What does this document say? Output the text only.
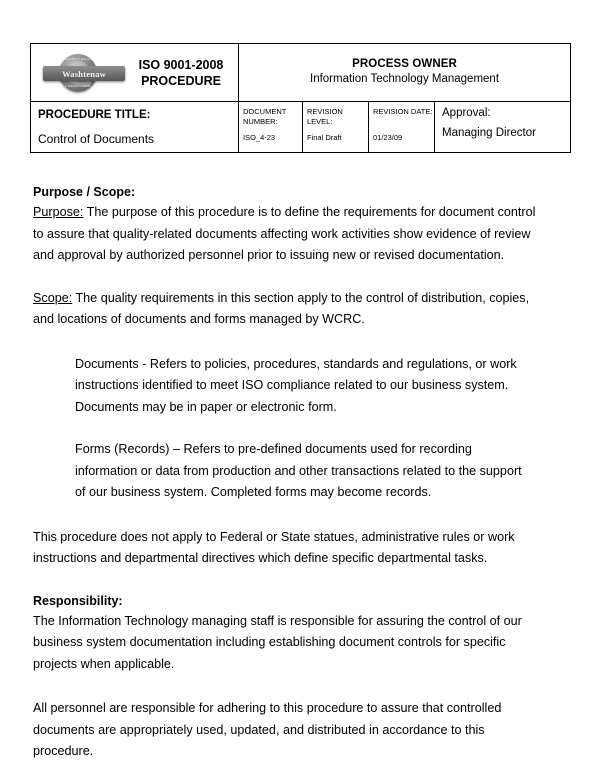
COUNTY ROAD
COMMISSION
Washtenaw
ISO 9001-2008
PROCEDURE

PROCESS OWNER
Information Technology Management

PROCEDURE TITLE:
Control of Documents

DOCUMENT NUMBER:
ISO_4-23

REVISION LEVEL:
Final Draft

REVISION DATE:
01/23/09

Approval:
Managing Director
Purpose / Scope:

Purpose: The purpose of this procedure is to define the requirements for document control to assure that quality-related documents affecting work activities show evidence of review and approval by authorized personnel prior to issuing new or revised documentation.

Scope: The quality requirements in this section apply to the control of distribution, copies, and locations of documents and forms managed by WCRC.

Documents - Refers to policies, procedures, standards and regulations, or work instructions identified to meet ISO compliance related to our business system. Documents may be in paper or electronic form.

Forms (Records) – Refers to pre-defined documents used for recording information or data from production and other transactions related to the support of our business system. Completed forms may become records.

This procedure does not apply to Federal or State statues, administrative rules or work instructions and departmental directives which define specific departmental tasks.

Responsibility:

The Information Technology managing staff is responsible for assuring the control of our business system documentation including establishing document controls for specific projects when applicable.

All personnel are responsible for adhering to this procedure to assure that controlled documents are appropriately used, updated, and distributed in accordance to this procedure.
